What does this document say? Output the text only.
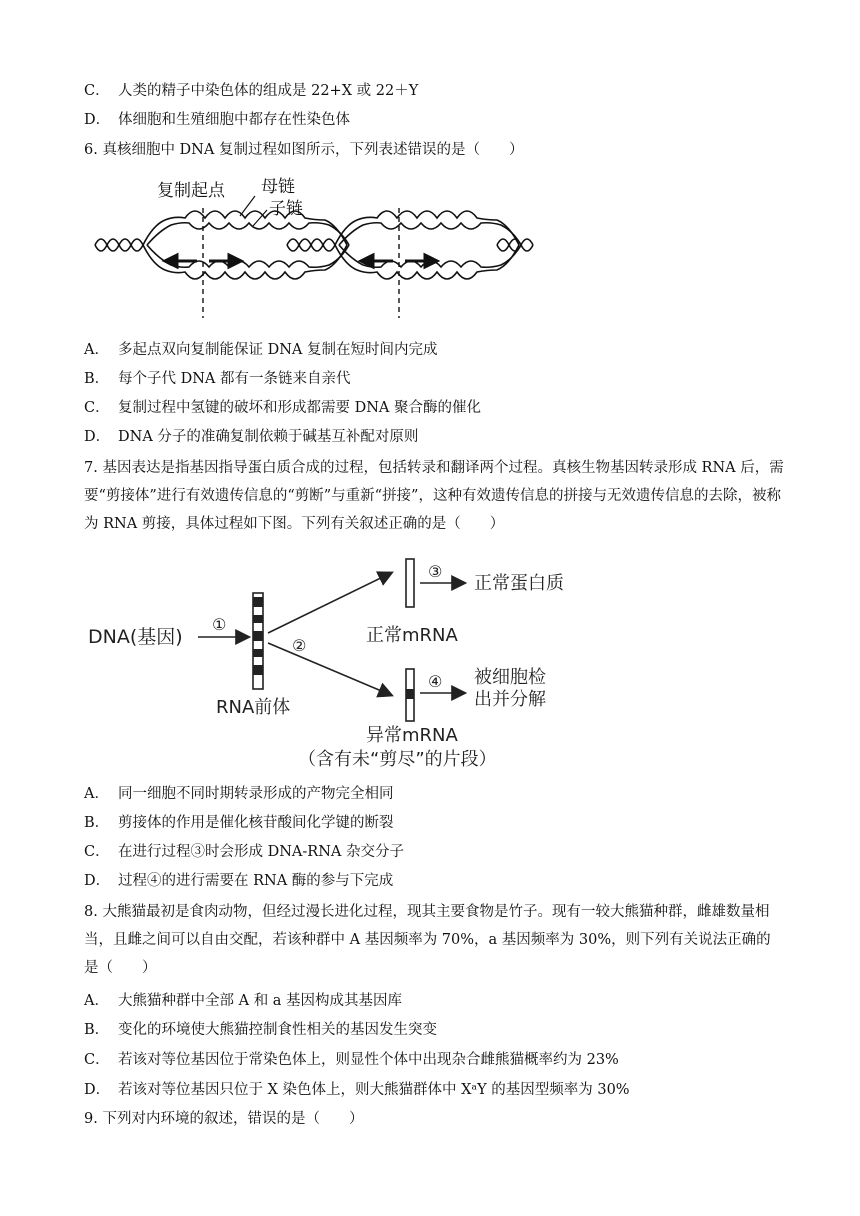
C． 人类的精子中染色体的组成是 22+X 或 22＋Y
D． 体细胞和生殖细胞中都存在性染色体
6. 真核细胞中 DNA 复制过程如图所示，下列表述错误的是（　　）
复制起点 母链
子链
A． 多起点双向复制能保证 DNA 复制在短时间内完成
B． 每个子代 DNA 都有一条链来自亲代
C． 复制过程中氢键的破坏和形成都需要 DNA 聚合酶的催化
D． DNA 分子的准确复制依赖于碱基互补配对原则
7. 基因表达是指基因指导蛋白质合成的过程，包括转录和翻译两个过程。真核生物基因转录形成 RNA 后，需要“剪接体”进行有效遗传信息的“剪断”与重新“拼接”，这种有效遗传信息的拼接与无效遗传信息的去除，被称为 RNA 剪接，具体过程如下图。下列有关叙述正确的是（　　）
DNA(基因)
①
RNA前体
②
③
正常蛋白质
正常mRNA
④ 被细胞检
出并分解
异常mRNA
（含有未“剪尽”的片段）
A． 同一细胞不同时期转录形成的产物完全相同
B． 剪接体的作用是催化核苷酸间化学键的断裂
C． 在进行过程③时会形成 DNA-RNA 杂交分子
D． 过程④的进行需要在 RNA 酶的参与下完成
8. 大熊猫最初是食肉动物，但经过漫长进化过程，现其主要食物是竹子。现有一较大熊猫种群，雌雄数量相当，且雌之间可以自由交配，若该种群中 A 基因频率为 70%，a 基因频率为 30%，则下列有关说法正确的是（　　）
A． 大熊猫种群中全部 A 和 a 基因构成其基因库
B． 变化的环境使大熊猫控制食性相关的基因发生突变
C． 若该对等位基因位于常染色体上，则显性个体中出现杂合雌熊猫概率约为 23%
D． 若该对等位基因只位于 X 染色体上，则大熊猫群体中 XᵃY 的基因型频率为 30%
9. 下列对内环境的叙述，错误的是（　　）
